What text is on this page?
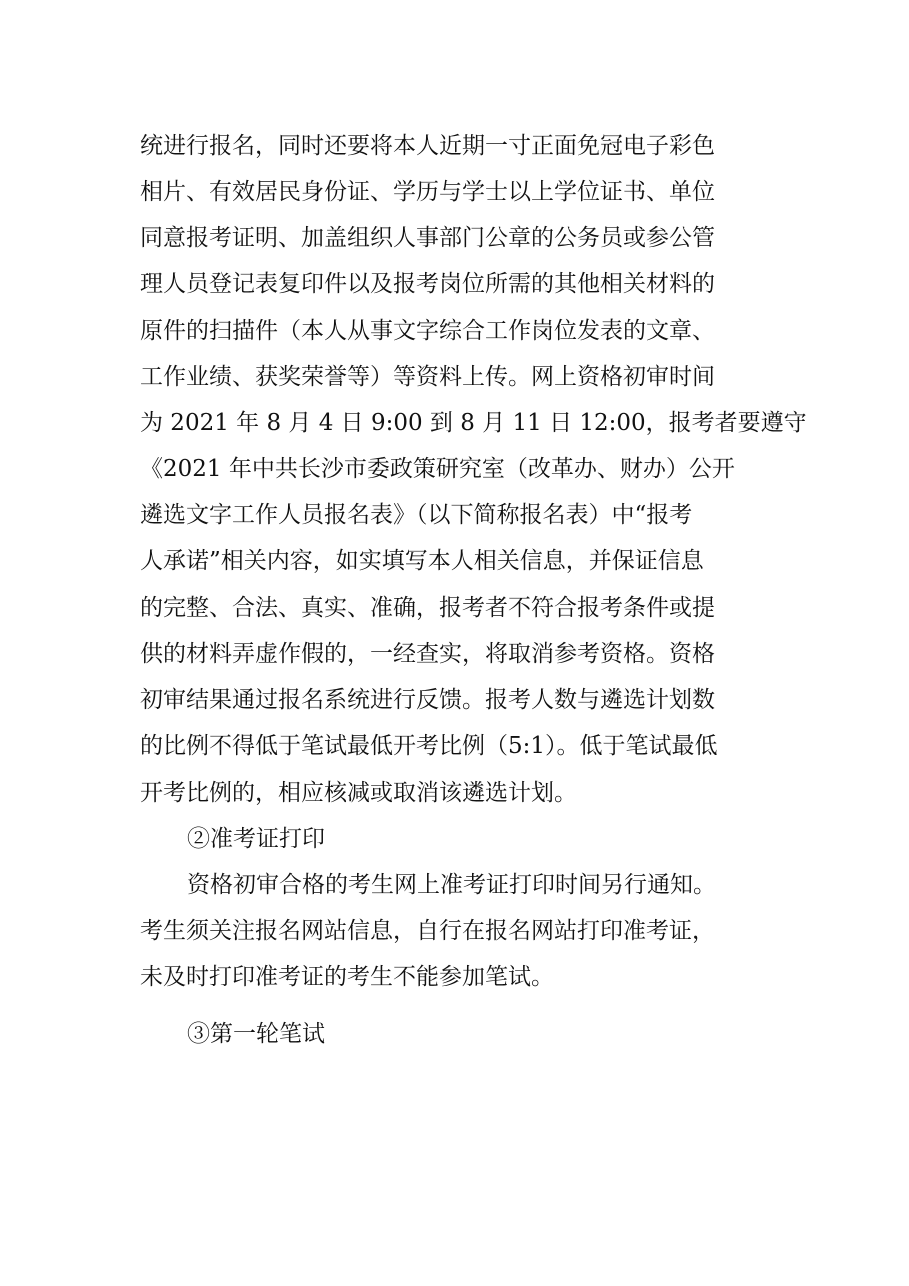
统进行报名，同时还要将本人近期一寸正面免冠电子彩色

相片、有效居民身份证、学历与学士以上学位证书、单位

同意报考证明、加盖组织人事部门公章的公务员或参公管

理人员登记表复印件以及报考岗位所需的其他相关材料的

原件的扫描件（本人从事文字综合工作岗位发表的文章、

工作业绩、获奖荣誉等）等资料上传。网上资格初审时间

为 2021 年 8 月 4 日 9:00 到 8 月 11 日 12:00，报考者要遵守

《2021 年中共长沙市委政策研究室（改革办、财办）公开

遴选文字工作人员报名表》（以下简称报名表）中“报考

人承诺”相关内容，如实填写本人相关信息，并保证信息

的完整、合法、真实、准确，报考者不符合报考条件或提

供的材料弄虚作假的，一经查实，将取消参考资格。资格

初审结果通过报名系统进行反馈。报考人数与遴选计划数

的比例不得低于笔试最低开考比例（5:1）。低于笔试最低

开考比例的，相应核减或取消该遴选计划。

②准考证打印

资格初审合格的考生网上准考证打印时间另行通知。

考生须关注报名网站信息，自行在报名网站打印准考证，

未及时打印准考证的考生不能参加笔试。

③第一轮笔试
